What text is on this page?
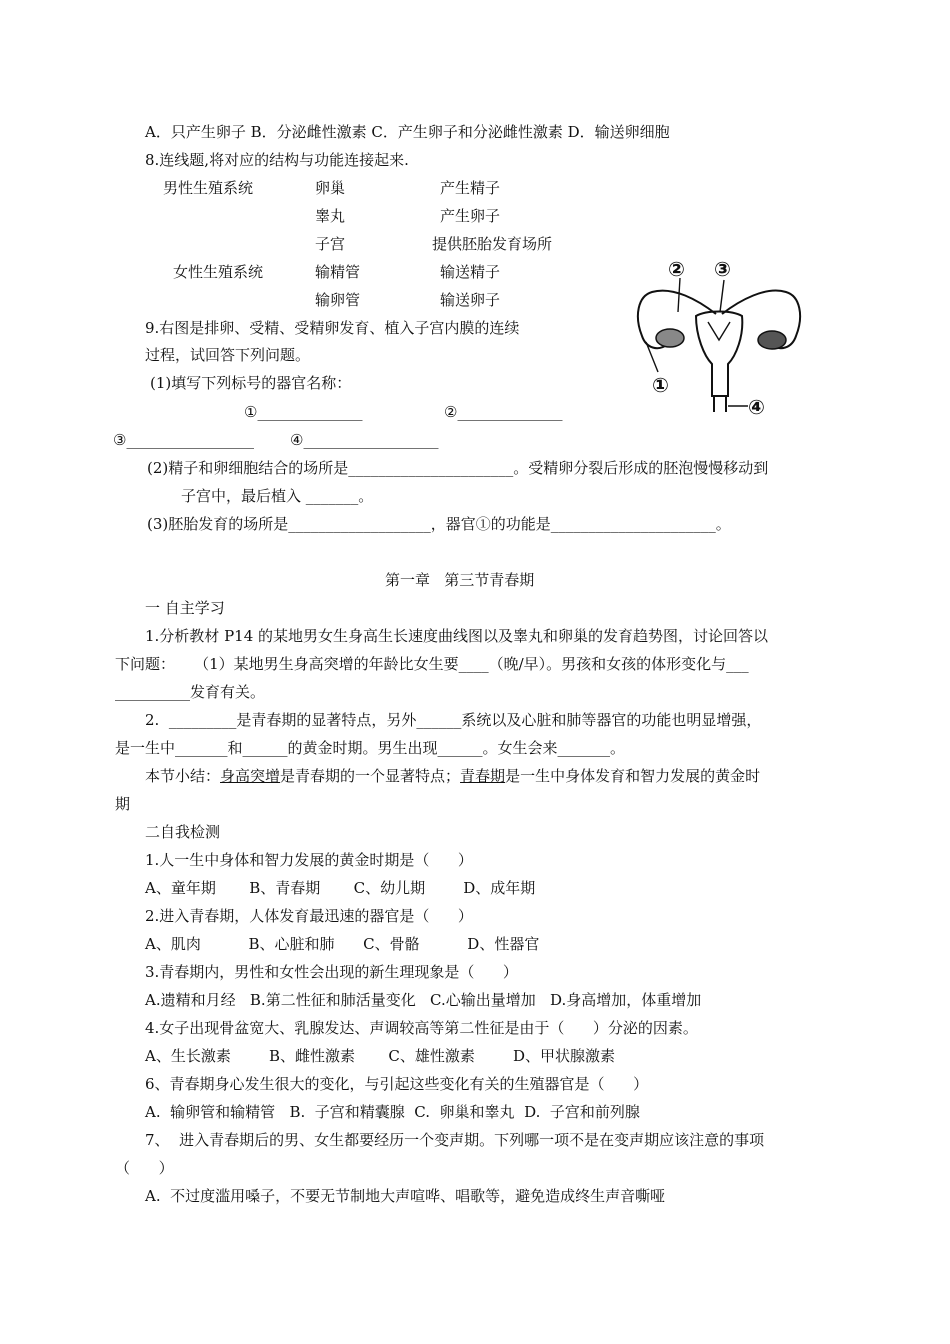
A．只产生卵子 B．分泌雌性激素 C．产生卵子和分泌雌性激素 D．输送卵细胞
8.连线题,将对应的结构与功能连接起来.
男性生殖系统
女性生殖系统
卵巢
睾丸
子宫
输精管
输卵管
产生精子
产生卵子
提供胚胎发育场所
输送精子
输送卵子
9.右图是排卵、受精、受精卵发育、植入子宫内膜的连续
过程，试回答下列问题。
(1)填写下列标号的器官名称：
①______________	②______________
③_________________ ④__________________
(2)精子和卵细胞结合的场所是______________________。受精卵分裂后形成的胚泡慢慢移动到
子宫中，最后植入 _______。
(3)胚胎发育的场所是___________________，器官①的功能是______________________。
①
② ③
④
第一章   第三节青春期
一 自主学习
1.分析教材 P14 的某地男女生身高生长速度曲线图以及睾丸和卵巢的发育趋势图，讨论回答以
下问题：    （1）某地男生身高突增的年龄比女生要____（晚/早）。男孩和女孩的体形变化与___
__________发育有关。
2.  _________是青春期的显著特点，另外______系统以及心脏和肺等器官的功能也明显增强，
是一生中_______和______的黄金时期。男生出现______。女生会来_______。
本节小结：身高突增是青春期的一个显著特点；青春期是一生中身体发育和智力发展的黄金时
期
二自我检测
1.人一生中身体和智力发展的黄金时期是（      ）
A、童年期       B、青春期       C、幼儿期        D、成年期
2.进入青春期，人体发育最迅速的器官是（      ）
A、肌肉          B、心脏和肺      C、骨骼          D、性器官
3.青春期内，男性和女性会出现的新生理现象是（      ）
A.遗精和月经   B.第二性征和肺活量变化   C.心输出量增加   D.身高增加，体重增加
4.女子出现骨盆宽大、乳腺发达、声调较高等第二性征是由于（      ）分泌的因素。
A、生长激素        B、雌性激素       C、雄性激素        D、甲状腺激素
6、青春期身心发生很大的变化，与引起这些变化有关的生殖器官是（      ）
A.  输卵管和输精管   B.  子宫和精囊腺  C.  卵巢和睾丸  D.  子宫和前列腺
7、  进入青春期后的男、女生都要经历一个变声期。下列哪一项不是在变声期应该注意的事项
（      ）
A.  不过度滥用嗓子，不要无节制地大声喧哗、唱歌等，避免造成终生声音嘶哑
